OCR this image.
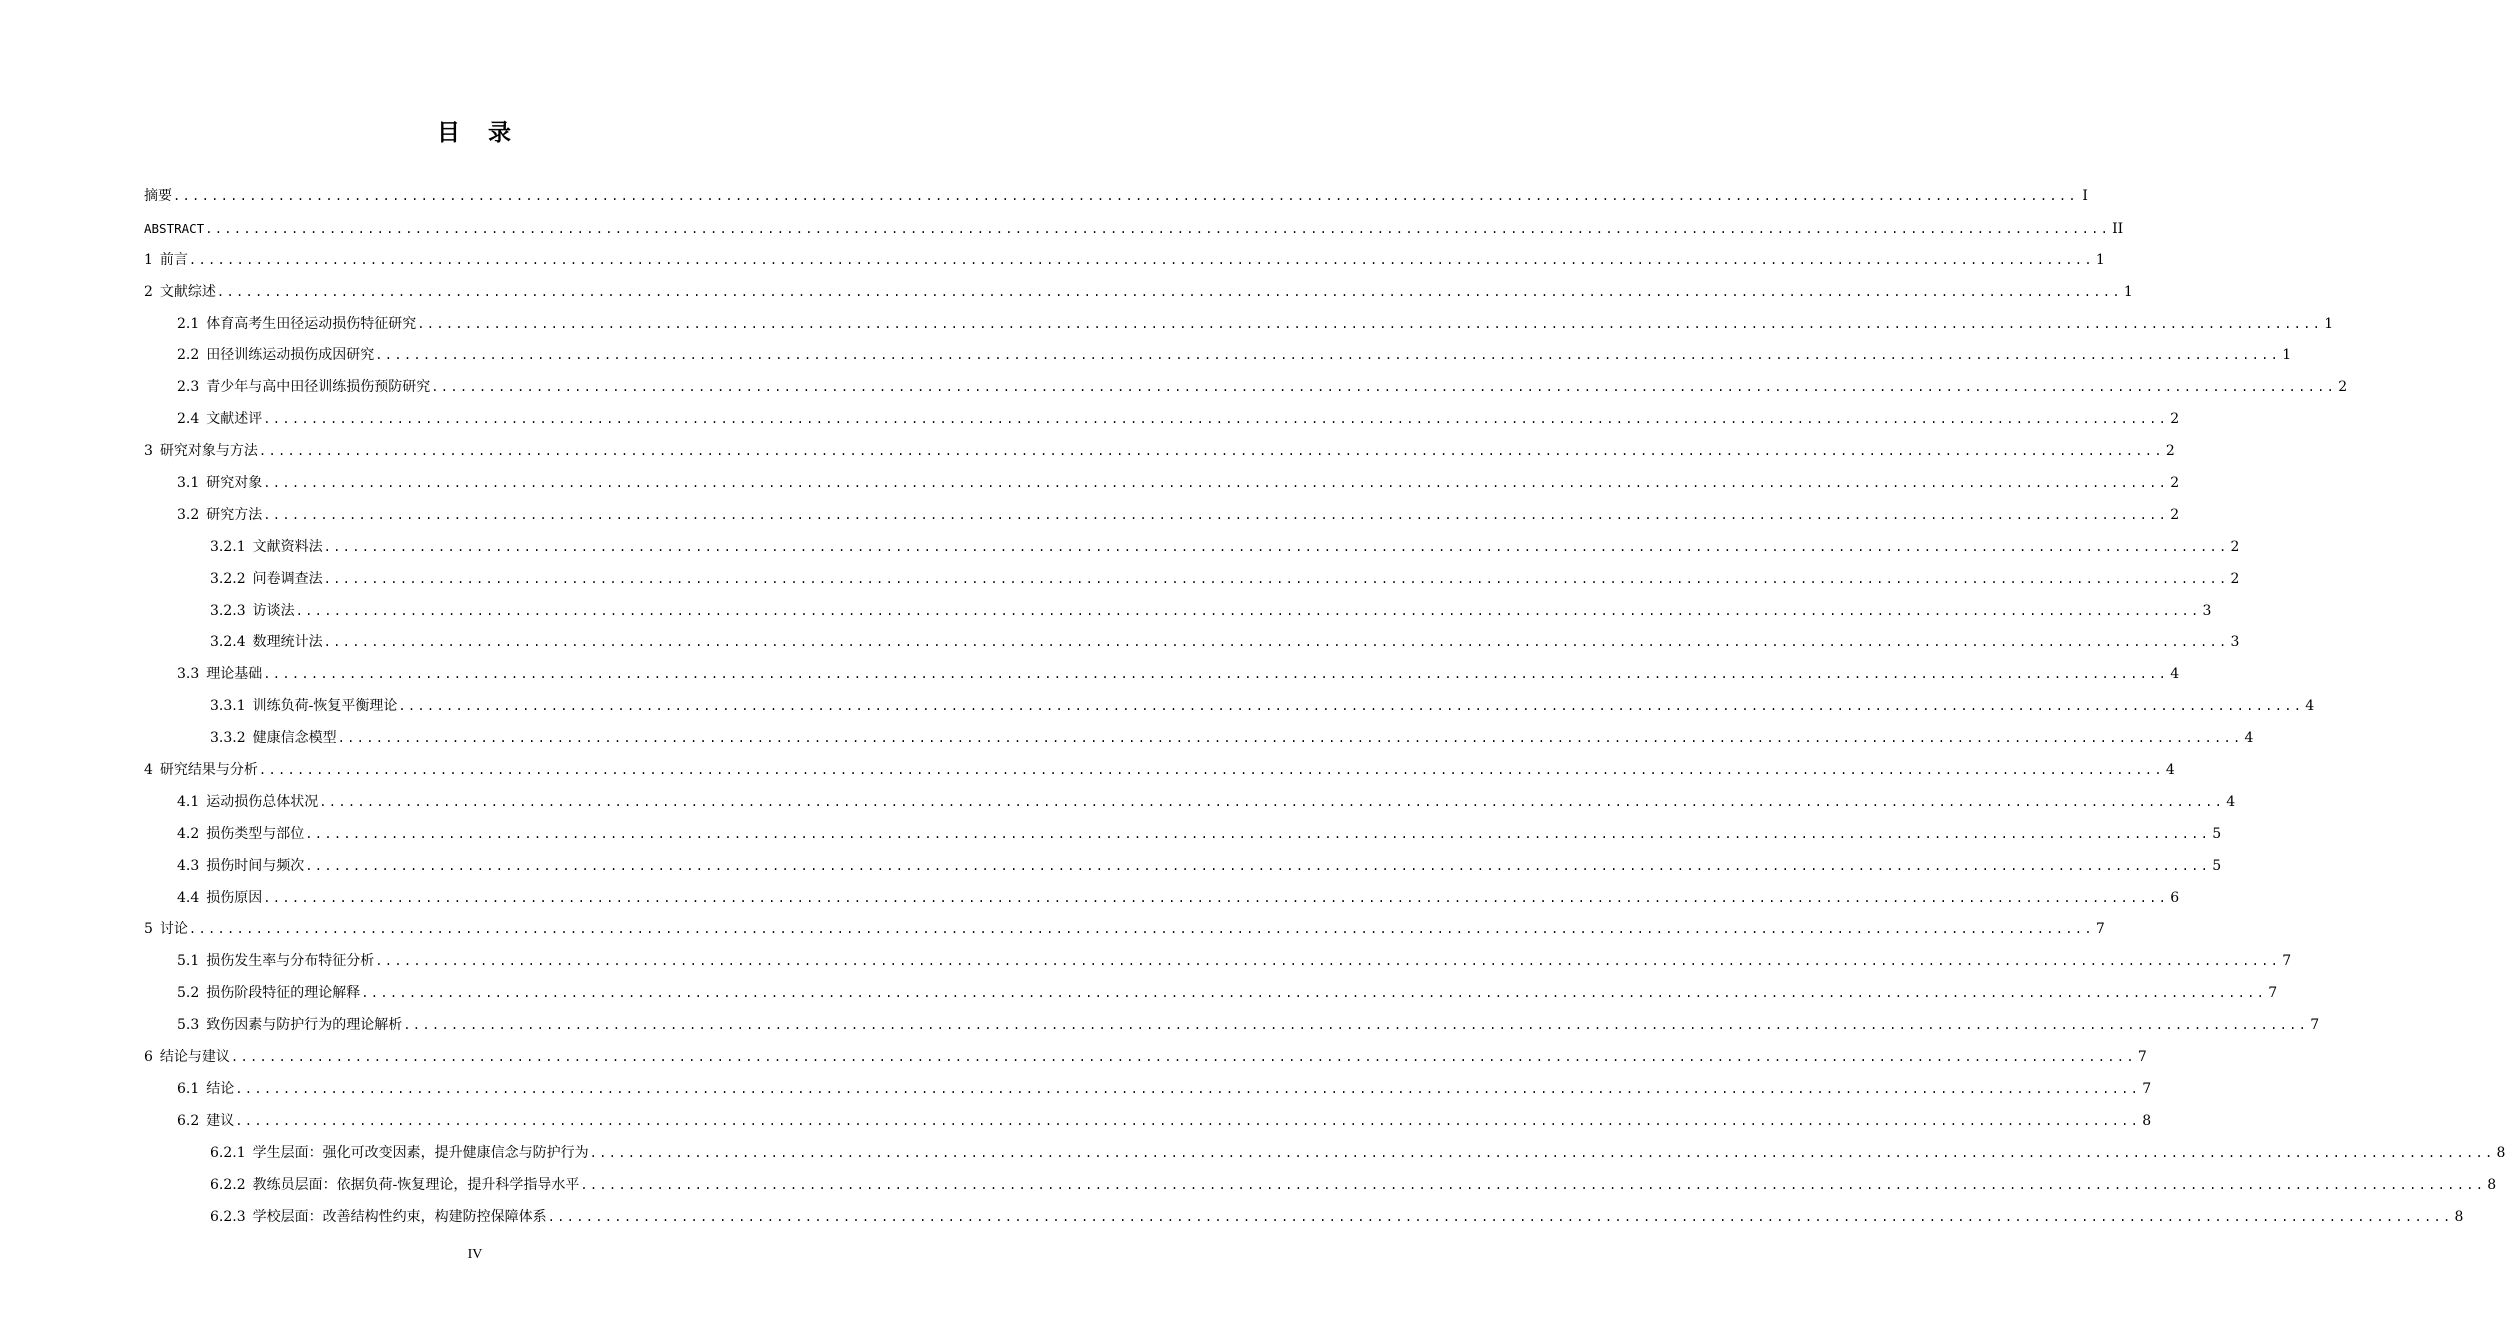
目 录
摘要 ........................................................................................................................................................................................................ I
ABSTRACT ........................................................................................................................................................................................................ II
1 前言 ........................................................................................................................................................................................................ 1
2 文献综述 ........................................................................................................................................................................................................ 1
2.1 体育高考生田径运动损伤特征研究 ........................................................................................................................................................................................................ 1
2.2 田径训练运动损伤成因研究 ........................................................................................................................................................................................................ 1
2.3 青少年与高中田径训练损伤预防研究 ........................................................................................................................................................................................................ 2
2.4 文献述评 ........................................................................................................................................................................................................ 2
3 研究对象与方法 ........................................................................................................................................................................................................ 2
3.1 研究对象 ........................................................................................................................................................................................................ 2
3.2 研究方法 ........................................................................................................................................................................................................ 2
3.2.1 文献资料法 ........................................................................................................................................................................................................ 2
3.2.2 问卷调查法 ........................................................................................................................................................................................................ 2
3.2.3 访谈法 ........................................................................................................................................................................................................ 3
3.2.4 数理统计法 ........................................................................................................................................................................................................ 3
3.3 理论基础 ........................................................................................................................................................................................................ 4
3.3.1 训练负荷-恢复平衡理论 ........................................................................................................................................................................................................ 4
3.3.2 健康信念模型 ........................................................................................................................................................................................................ 4
4 研究结果与分析 ........................................................................................................................................................................................................ 4
4.1 运动损伤总体状况 ........................................................................................................................................................................................................ 4
4.2 损伤类型与部位 ........................................................................................................................................................................................................ 5
4.3 损伤时间与频次 ........................................................................................................................................................................................................ 5
4.4 损伤原因 ........................................................................................................................................................................................................ 6
5 讨论 ........................................................................................................................................................................................................ 7
5.1 损伤发生率与分布特征分析 ........................................................................................................................................................................................................ 7
5.2 损伤阶段特征的理论解释 ........................................................................................................................................................................................................ 7
5.3 致伤因素与防护行为的理论解析 ........................................................................................................................................................................................................ 7
6 结论与建议 ........................................................................................................................................................................................................ 7
6.1 结论 ........................................................................................................................................................................................................ 7
6.2 建议 ........................................................................................................................................................................................................ 8
6.2.1 学生层面：强化可改变因素，提升健康信念与防护行为 ........................................................................................................................................................................................................ 8
6.2.2 教练员层面：依据负荷-恢复理论，提升科学指导水平 ........................................................................................................................................................................................................ 8
6.2.3 学校层面：改善结构性约束，构建防控保障体系 ........................................................................................................................................................................................................ 8
IV
